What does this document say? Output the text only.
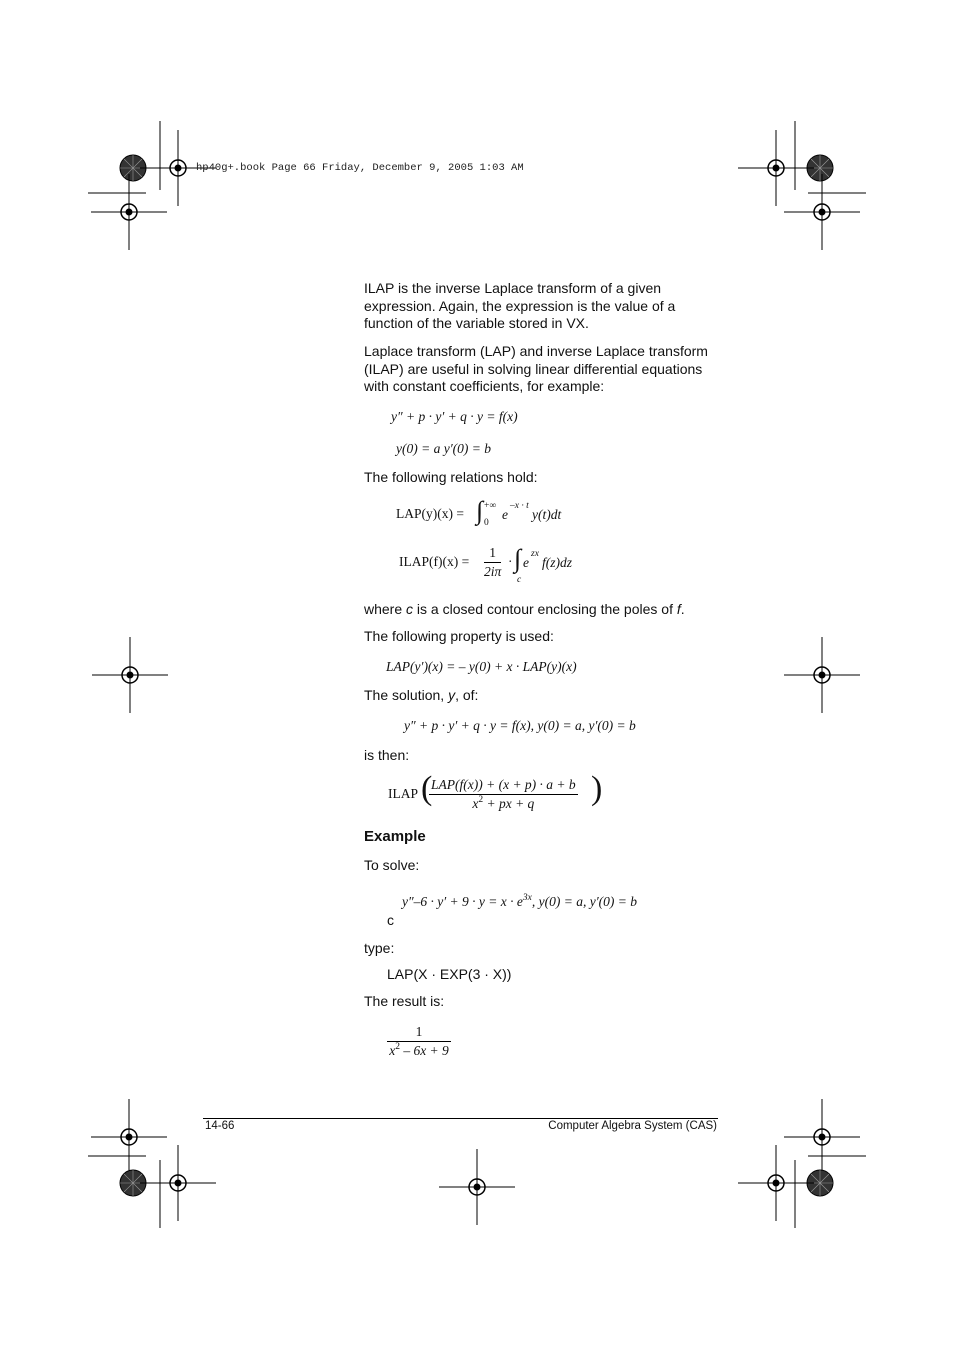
hp40g+.book Page 66 Friday, December 9, 2005 1:03 AM
ILAP is the inverse Laplace transform of a given expression. Again, the expression is the value of a function of the variable stored in VX.
Laplace transform (LAP) and inverse Laplace transform (ILAP) are useful in solving linear differential equations with constant coefficients, for example:
y″ + p · y′ + q · y = f(x)
y(0) = a y′(0) = b
The following relations hold:
LAP(y)(x) = ∫ +∞
0
e
–x · t
y(t)dt
ILAP(f)(x) = $\frac{1}{2i\pi}$ · ∫ e
zx
f(z)dz
c
where c is a closed contour enclosing the poles of f.
The following property is used:
LAP(y′)(x) = – y(0) + x · LAP(y)(x)
The solution, y, of:
y″ + p · y′ + q · y = f(x), y(0) = a, y′(0) = b
is then:
ILAP (
$\frac{\text{LAP(f(x)) + (x + p) · a + b}}{x^2 + px + q}$ )
Example
To solve:
$y''-6 \cdot y' + 9 \cdot y = x \cdot e^{3x}$, y(0) = a, y′(0) = b
c
type:
LAP(X · EXP(3 · X))
The result is:
$\frac{1}{x^2 - 6x + 9}$
14-66	Computer Algebra System (CAS)
